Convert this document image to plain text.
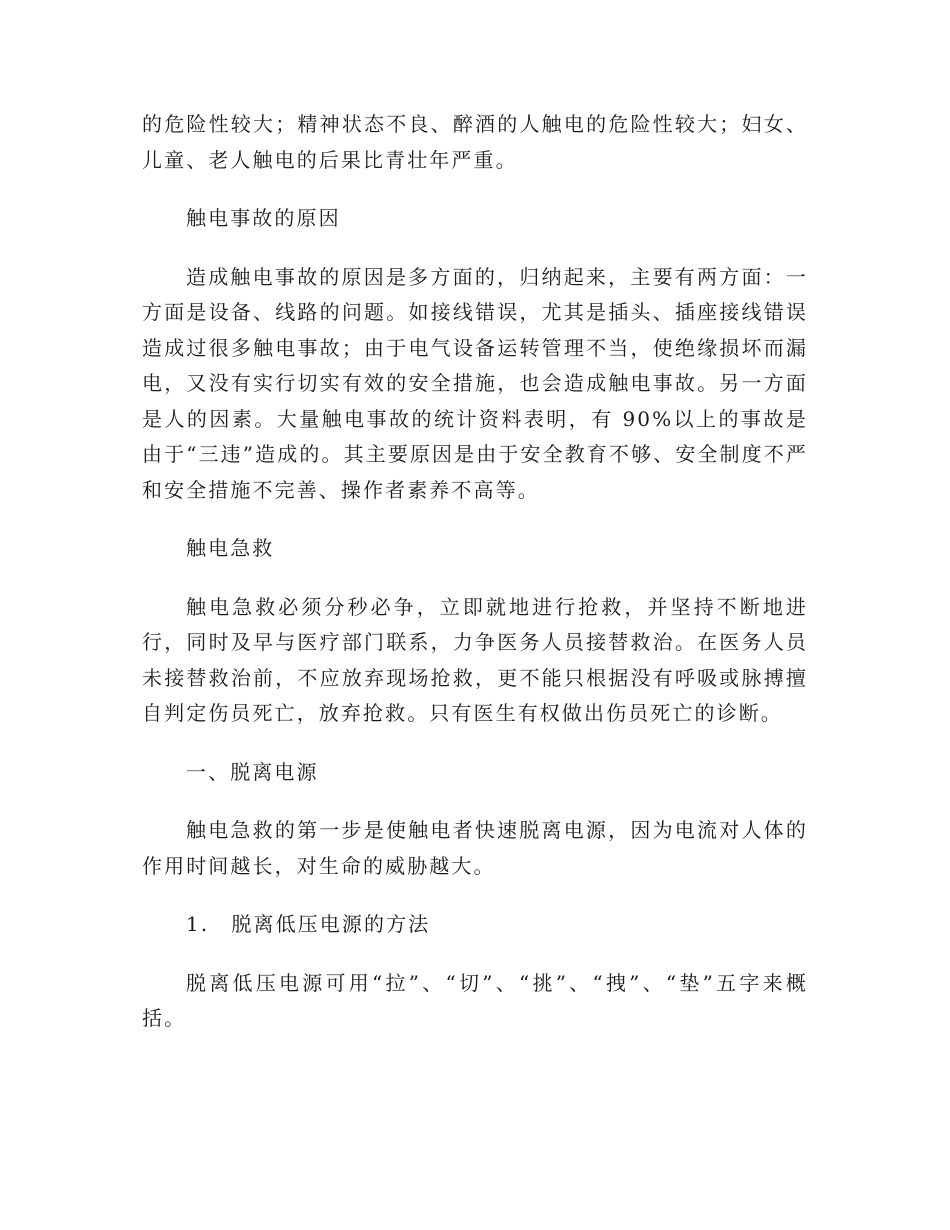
的危险性较大；精神状态不良、醉酒的人触电的危险性较大；妇女、儿童、老人触电的后果比青壮年严重。

触电事故的原因

造成触电事故的原因是多方面的，归纳起来，主要有两方面：一方面是设备、线路的问题。如接线错误，尤其是插头、插座接线错误造成过很多触电事故；由于电气设备运转管理不当，使绝缘损坏而漏电，又没有实行切实有效的安全措施，也会造成触电事故。另一方面是人的因素。大量触电事故的统计资料表明，有 90%以上的事故是由于“三违”造成的。其主要原因是由于安全教育不够、安全制度不严和安全措施不完善、操作者素养不高等。

触电急救

触电急救必须分秒必争，立即就地进行抢救，并坚持不断地进行，同时及早与医疗部门联系，力争医务人员接替救治。在医务人员未接替救治前，不应放弃现场抢救，更不能只根据没有呼吸或脉搏擅自判定伤员死亡，放弃抢救。只有医生有权做出伤员死亡的诊断。

一、脱离电源

触电急救的第一步是使触电者快速脱离电源，因为电流对人体的作用时间越长，对生命的威胁越大。

1.　脱离低压电源的方法

脱离低压电源可用“拉”、“切”、“挑”、“拽”、“垫”五字来概括。
